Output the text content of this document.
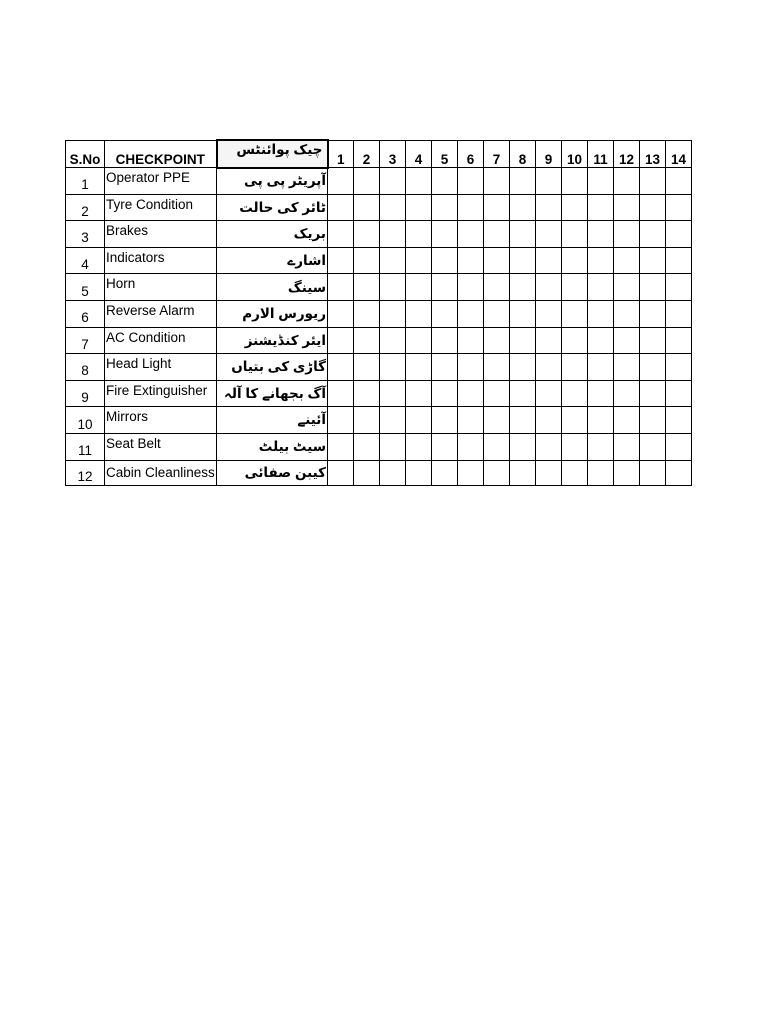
S.No	CHECKPOINT	چیک پوائنٹس	1	2	3	4	5	6	7	8	9	10	11	12	13	14
1	Operator PPE	آپریٹر پی پی														
2	Tyre Condition	ٹائر کی حالت														
3	Brakes	بریک														
4	Indicators	اشارے														
5	Horn	سینگ														
6	Reverse Alarm	ریورس الارم														
7	AC Condition	ایئر کنڈیشنز														
8	Head Light	گاڑی کی بتیاں														
9	Fire Extinguisher	آگ بجھانے کا آلہ														
10	Mirrors	آئینے														
11	Seat Belt	سیٹ بیلٹ														
12	Cabin Cleanliness	کیبن صفائی														
